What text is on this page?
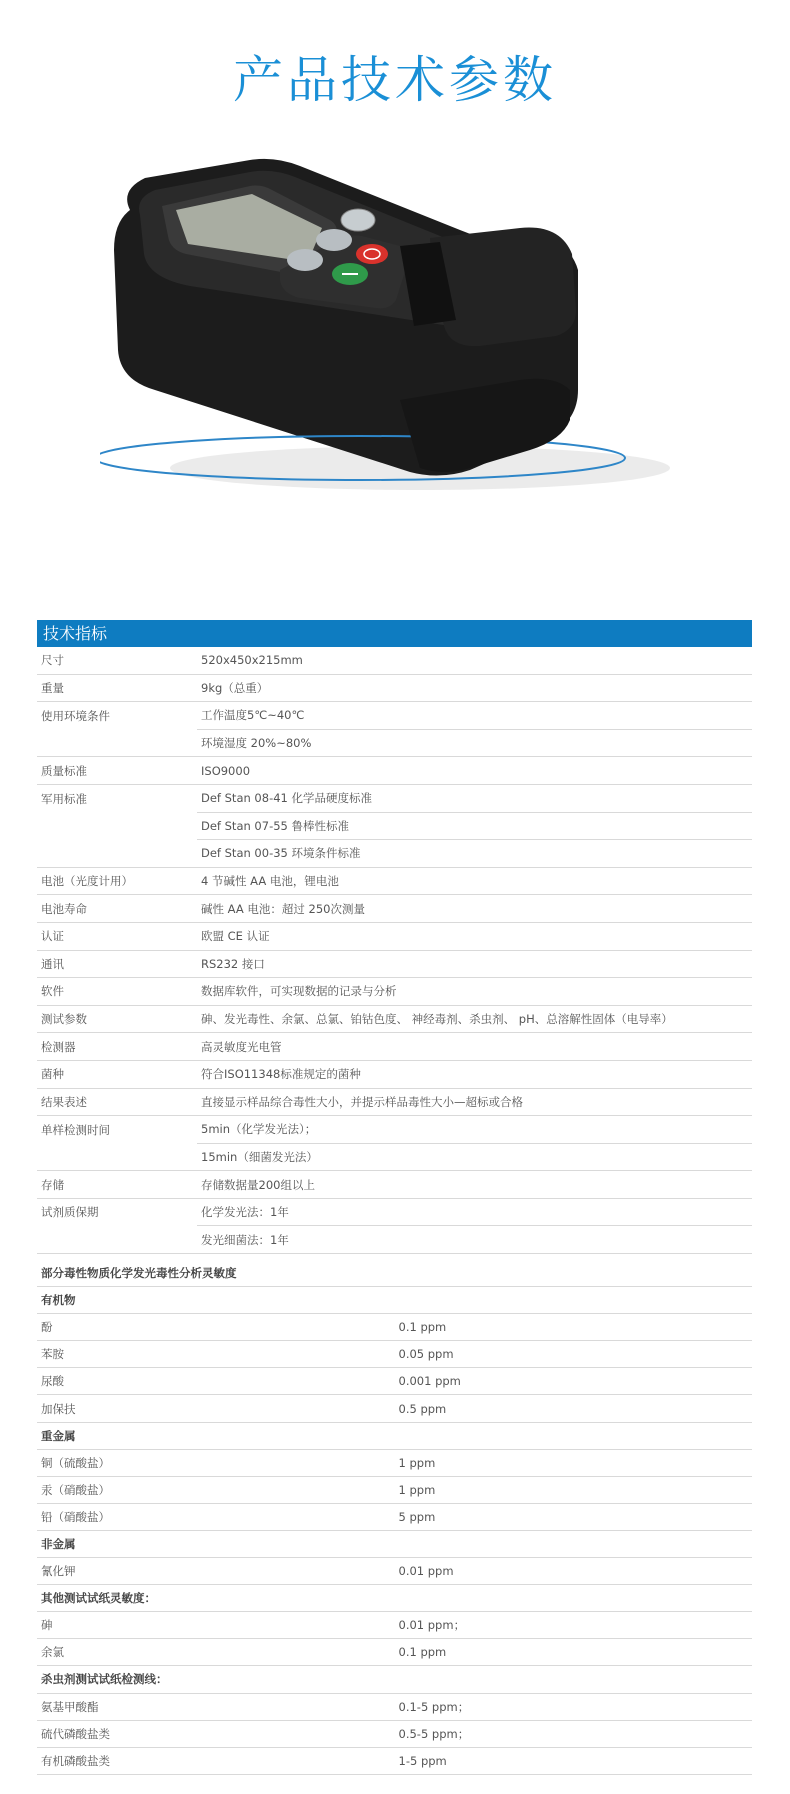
产品技术参数
技术指标
尺寸	520x450x215mm
重量	9kg（总重）
使用环境条件	工作温度5℃~40℃
	环境湿度 20%~80%
质量标准	ISO9000
军用标准	Def Stan 08-41 化学品硬度标准
	Def Stan 07-55 鲁棒性标准
	Def Stan 00-35 环境条件标准
电池（光度计用）	4 节碱性 AA 电池，锂电池
电池寿命	碱性 AA 电池：超过 250次测量
认证	欧盟 CE 认证
通讯	RS232 接口
软件	数据库软件，可实现数据的记录与分析
测试参数	砷、发光毒性、余氯、总氯、铂钴色度、 神经毒剂、杀虫剂、 pH、总溶解性固体（电导率）
检测器	高灵敏度光电管
菌种	符合ISO11348标准规定的菌种
结果表述	直接显示样品综合毒性大小，并提示样品毒性大小—超标或合格
单样检测时间	5min（化学发光法）；
	15min（细菌发光法）
存储	存储数据量200组以上
试剂质保期	化学发光法：1年
	发光细菌法：1年
部分毒性物质化学发光毒性分析灵敏度	
有机物	
酚	0.1 ppm
苯胺	0.05 ppm
尿酸	0.001 ppm
加保扶	0.5 ppm
重金属	
铜（硫酸盐）	1 ppm
汞（硝酸盐）	1 ppm
铅（硝酸盐）	5 ppm
非金属	
氰化钾	0.01 ppm
其他测试试纸灵敏度：	
砷	0.01 ppm；
余氯	0.1 ppm
杀虫剂测试试纸检测线：	
氨基甲酸酯	0.1-5 ppm；
硫代磷酸盐类	0.5-5 ppm；
有机磷酸盐类	1-5 ppm
